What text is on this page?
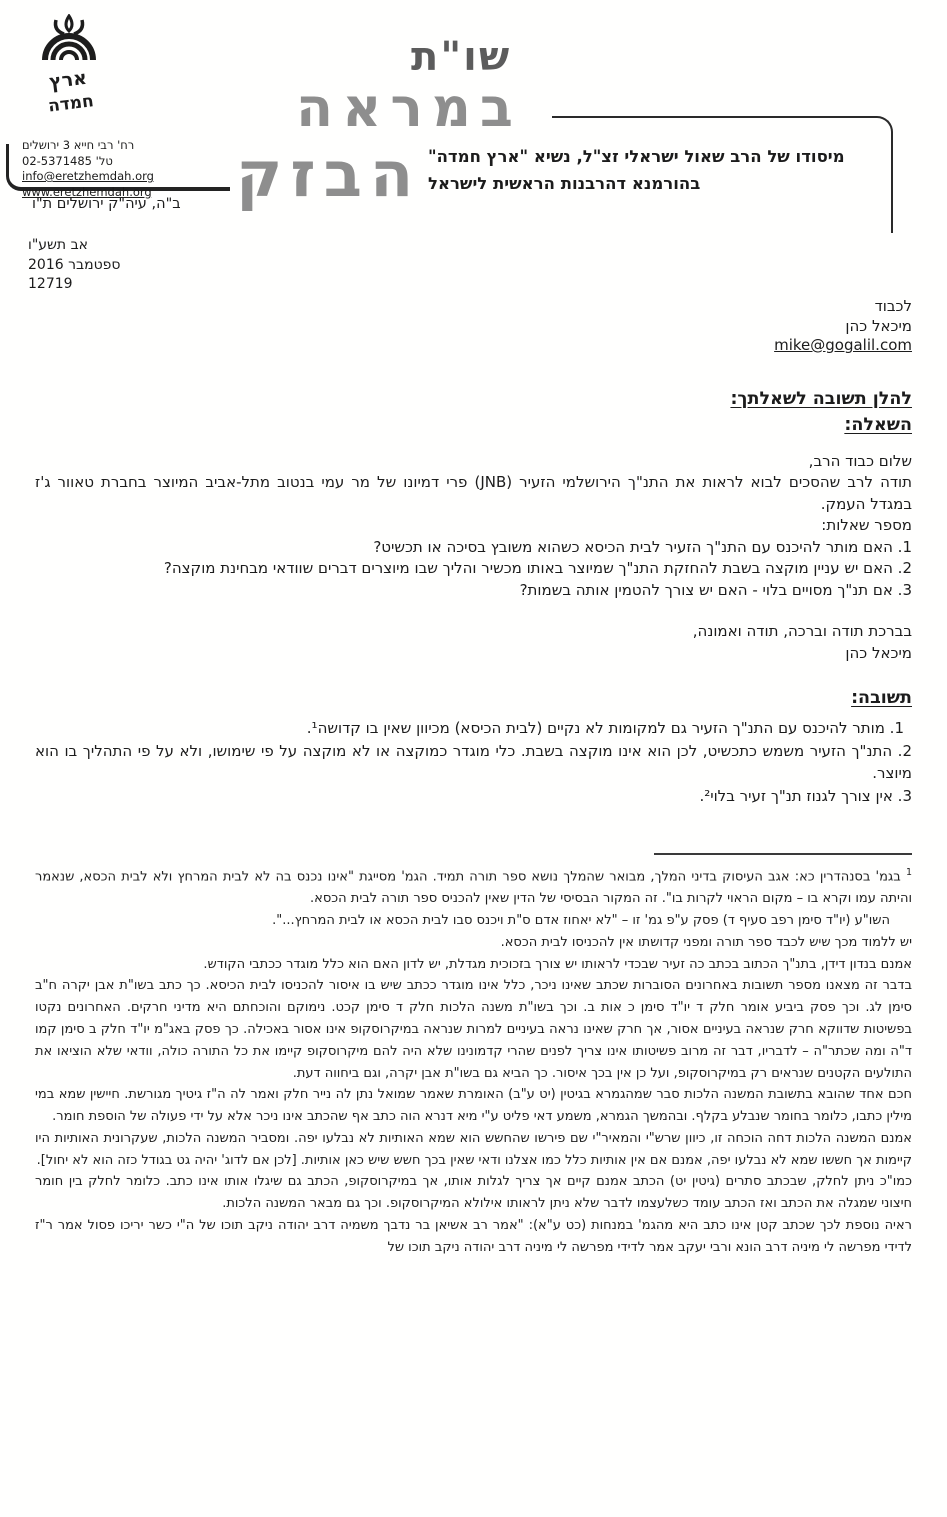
ארץ
חמדה
רח' רבי חייא 3 ירושלים
טל' 02-5371485
info@eretzhemdah.org
www.eretzhemdah.org
ב"ה, עיה"ק ירושלים ת"ו
שו"ת
במראה
הבזק מיסודו של הרב שאול ישראלי זצ"ל, נשיא "ארץ חמדה"
בהורמנא דהרבנות הראשית לישראל
אב תשע"ו
ספטמבר 2016
12719
לכבוד
מיכאל כהן
mike@gogalil.com
להלן תשובה לשאלתך:
השאלה:
שלום כבוד הרב,
תודה לרב שהסכים לבוא לראות את התנ"ך הירושלמי הזעיר (JNB) פרי דמיונו של מר עמי בנטוב מתל-אביב המיוצר בחברת טאוור ג'ז במגדל העמק.
מספר שאלות:
1. האם מותר להיכנס עם התנ"ך הזעיר לבית הכיסא כשהוא משובץ בסיכה או תכשיט?
2. האם יש עניין מוקצה בשבת להחזקת התנ"ך שמיוצר באותו מכשיר והליך שבו מיוצרים דברים שוודאי מבחינת מוקצה?
3. אם תנ"ך מסויים בלוי - האם יש צורך להטמין אותה בשמות?
בברכת תודה וברכה, תודה ואמונה,
מיכאל כהן
תשובה:
1. מותר להיכנס עם התנ"ך הזעיר גם למקומות לא נקיים (לבית הכיסא) מכיוון שאין בו קדושה¹.
2. התנ"ך הזעיר משמש כתכשיט, לכן הוא אינו מוקצה בשבת. כלי מוגדר כמוקצה או לא מוקצה על פי שימושו, ולא על פי התהליך בו הוא מיוצר.
3. אין צורך לגנוז תנ"ך זעיר בלוי².

$^1$ בגמ' בסנהדרין כא: אגב העיסוק בדיני המלך, מבואר שהמלך נושא ספר תורה תמיד. הגמ' מסייגת "אינו נכנס בה לא לבית המרחץ ולא לבית הכסא, שנאמר והיתה עמו וקרא בו – מקום הראוי לקרות בו". זה המקור הבסיסי של הדין שאין להכניס ספר תורה לבית הכסא.

השו"ע (יו"ד סימן רפב סעיף ד) פסק ע"פ גמ' זו – "לא יאחוז אדם ס"ת ויכנס סבו לבית הכסא או לבית המרחץ...".

יש ללמוד מכך שיש לכבד ספר תורה ומפני קדושתו אין להכניסו לבית הכסא.

אמנם בנדון דידן, בתנ"ך הכתוב בכתב כה זעיר שבכדי לראותו יש צורך בזכוכית מגדלת, יש לדון האם הוא כלל מוגדר ככתבי הקודש.

בדבר זה מצאנו מספר תשובות באחרונים הסוברות שכתב שאינו ניכר, כלל אינו מוגדר ככתב שיש בו איסור להכניסו לבית הכיסא. כך כתב בשו"ת אבן יקרה ח"ב סימן לג. וכך פסק ביביע אומר חלק ד יו"ד סימן כ אות ב. וכך בשו"ת משנה הלכות חלק ד סימן קכט. נימוקם והוכחתם היא מדיני חרקים. האחרונים נקטו בפשיטות שדווקא חרק שנראה בעיניים אסור, אך חרק שאינו נראה בעיניים למרות שנראה במיקרוסקופ אינו אסור באכילה. כך פסק באג"מ יו"ד חלק ב סימן קמו ד"ה ומה שכתר"ה – לדבריו, דבר זה מרוב פשיטותו אינו צריך לפנים שהרי קדמונינו שלא היה להם מיקרוסקופ קיימו את כל התורה כולה, וודאי שלא הוציאו את התולעים הקטנים שנראים רק במיקרוסקופ, ועל כן אין בכך איסור. כך הביא גם בשו"ת אבן יקרה, וגם ביחווה דעת.

חכם אחד שהובא בתשובת המשנה הלכות סבר שמהגמרא בגיטין (יט ע"ב) האומרת שאמר שמואל נתן לה נייר חלק ואמר לה ה"ז גיטיך מגורשת. חיישין שמא במי מילין כתבו, כלומר בחומר שנבלע בקלף. ובהמשך הגמרא, משמע דאי פליט ע"י מיא דנרא הוה כתב אף שהכתב אינו ניכר אלא על ידי פעולה של הוספת חומר.

אמנם המשנה הלכות דחה הוכחה זו, כיוון שרש"י והמאיר"י שם פירשו שהחשש הוא שמא האותיות לא נבלעו יפה. ומסביר המשנה הלכות, שעקרונית האותיות היו קיימות אך חששו שמא לא נבלעו יפה, אמנם אם אין אותיות כלל כמו אצלנו ודאי שאין בכך חשש שיש כאן אותיות. [לכן אם לדוג' יהיה גט בגודל כזה הוא לא יחול].

כמו"כ ניתן לחלק, שבכתב סתרים (גיטין יט) הכתב אמנם קיים אך צריך לגלות אותו, אך במיקרוסקופ, הכתב גם שיגלו אותו אינו כתב. כלומר לחלק בין חומר חיצוני שמגלה את הכתב ואז הכתב עומד כשלעצמו לדבר שלא ניתן לראותו אילולא המיקרוסקופ. וכך גם מבאר המשנה הלכות.

ראיה נוספת לכך שכתב קטן אינו כתב היא מהגמ' במנחות (כט ע"א): "אמר רב אשיאן בר נדבך משמיה דרב יהודה ניקב תוכו של ה"י כשר יריכו פסול אמר ר"ז לדידי מפרשה לי מיניה דרב הונא ורבי יעקב אמר לדידי מפרשה לי מיניה דרב יהודה ניקב תוכו של
